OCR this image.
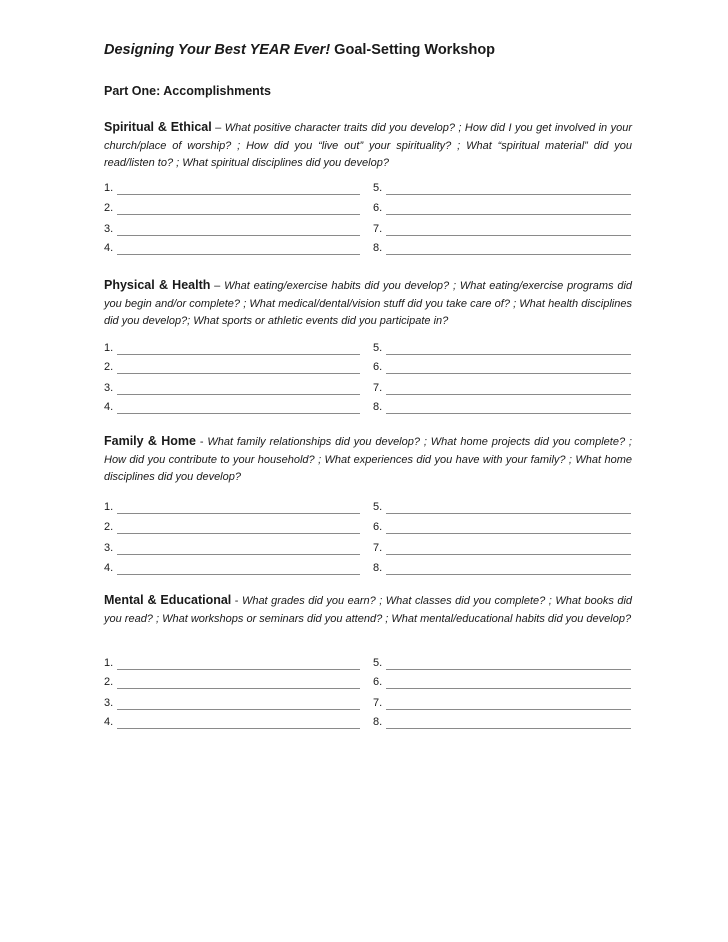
Designing Your Best YEAR Ever! Goal-Setting Workshop
Part One: Accomplishments

Spiritual & Ethical – What positive character traits did you develop? ; How did I you get involved in your church/place of worship? ; How did you “live out” your spirituality? ; What “spiritual material” did you read/listen to? ; What spiritual disciplines did you develop?

1.	5.
2.	6.
3.	7.
4.	8.

Physical & Health – What eating/exercise habits did you develop? ; What eating/exercise programs did you begin and/or complete? ; What medical/dental/vision stuff did you take care of? ; What health disciplines did you develop?; What sports or athletic events did you participate in?

1.	5.
2.	6.
3.	7.
4.	8.

Family & Home - What family relationships did you develop? ; What home projects did you complete? ; How did you contribute to your household? ; What experiences did you have with your family? ; What home disciplines did you develop?

1.	5.
2.	6.
3.	7.
4.	8.

Mental & Educational - What grades did you earn? ; What classes did you complete? ; What books did you read? ; What workshops or seminars did you attend? ; What mental/educational habits did you develop?

1.	5.
2.	6.
3.	7.
4.	8.
